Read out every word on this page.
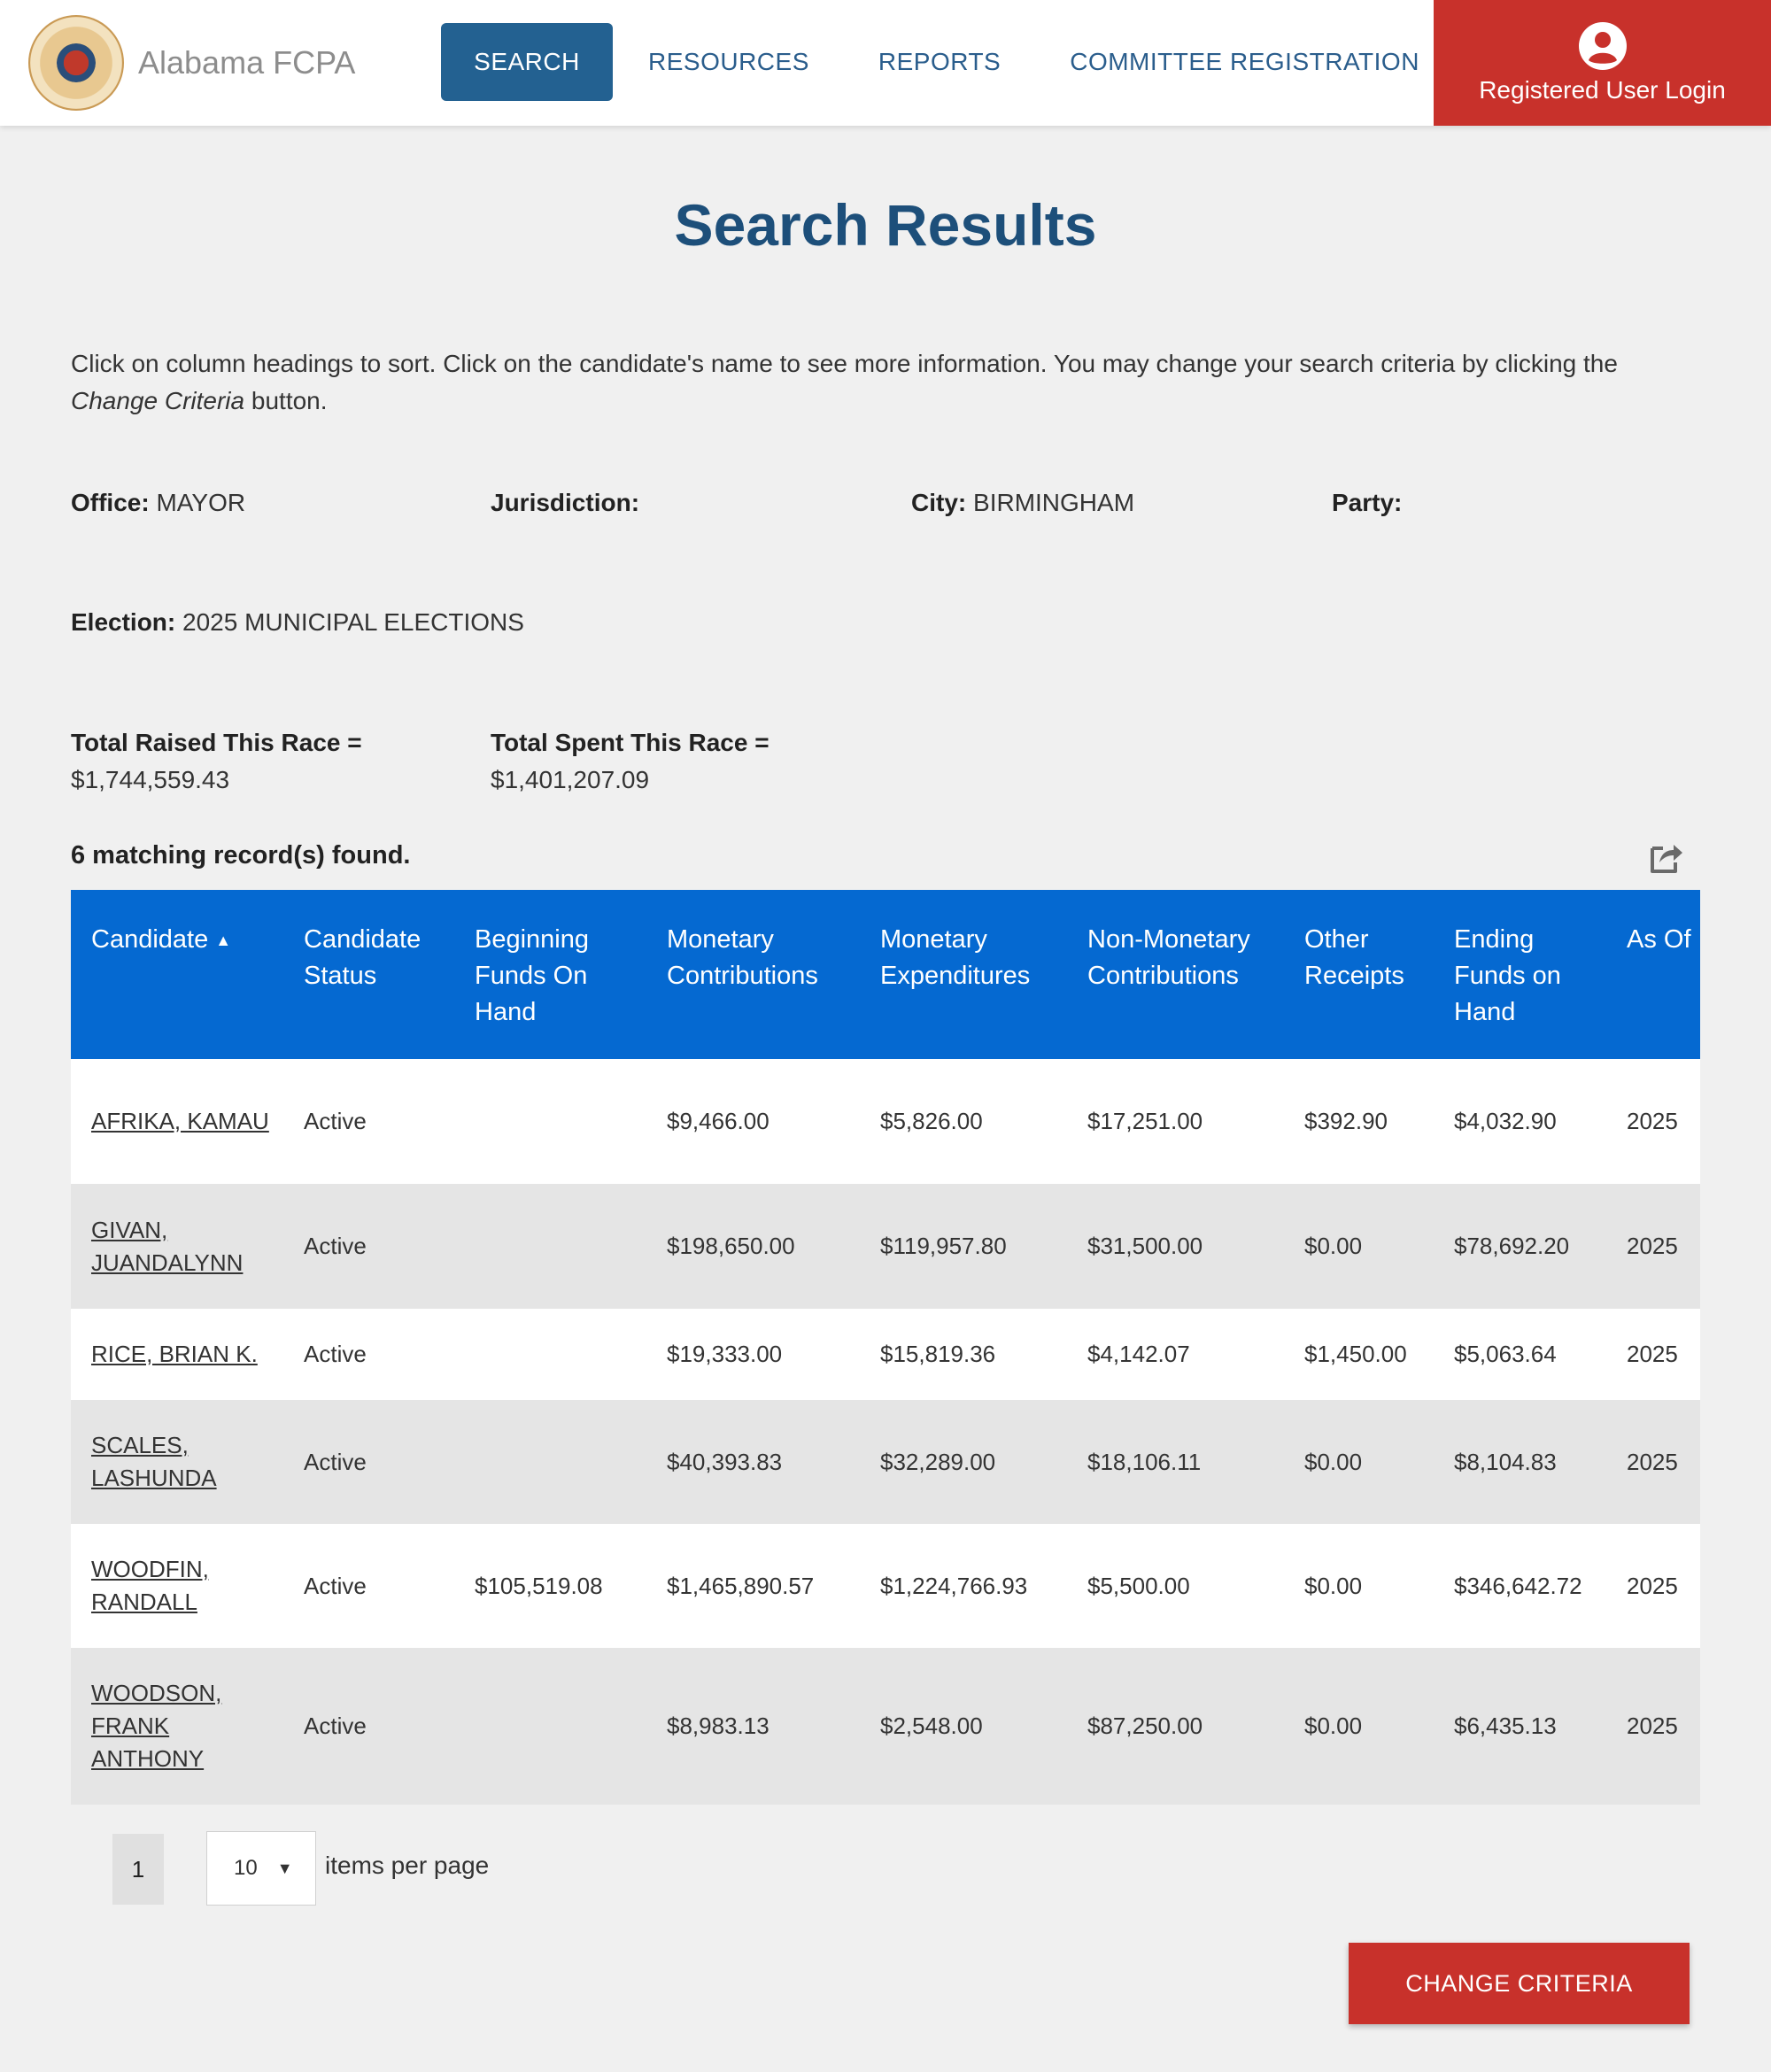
Alabama FCPA	SEARCH	RESOURCES	REPORTS	COMMITTEE REGISTRATION
Registered User Login
Search Results

Click on column headings to sort. Click on the candidate's name to see more information. You may change your search criteria by clicking the Change Criteria button.

Office: MAYOR	Jurisdiction:	City: BIRMINGHAM	Party:
Election: 2025 MUNICIPAL ELECTIONS
Total Raised This Race =
$1,744,559.43
Total Spent This Race =
$1,401,207.09
6 matching record(s) found.
Candidate ▲	Candidate Status	Beginning Funds On Hand	Monetary Contributions	Monetary Expenditures	Non-Monetary Contributions	Other Receipts	Ending Funds on Hand	As Of
AFRIKA, KAMAU	Active		$9,466.00	$5,826.00	$17,251.00	$392.90	$4,032.90	2025
GIVAN, JUANDALYNN	Active		$198,650.00	$119,957.80	$31,500.00	$0.00	$78,692.20	2025
RICE, BRIAN K.	Active		$19,333.00	$15,819.36	$4,142.07	$1,450.00	$5,063.64	2025
SCALES, LASHUNDA	Active		$40,393.83	$32,289.00	$18,106.11	$0.00	$8,104.83	2025
WOODFIN, RANDALL	Active	$105,519.08	$1,465,890.57	$1,224,766.93	$5,500.00	$0.00	$346,642.72	2025
WOODSON, FRANK ANTHONY	Active		$8,983.13	$2,548.00	$87,250.00	$0.00	$6,435.13	2025
1	10 ▼ items per page
CHANGE CRITERIA
